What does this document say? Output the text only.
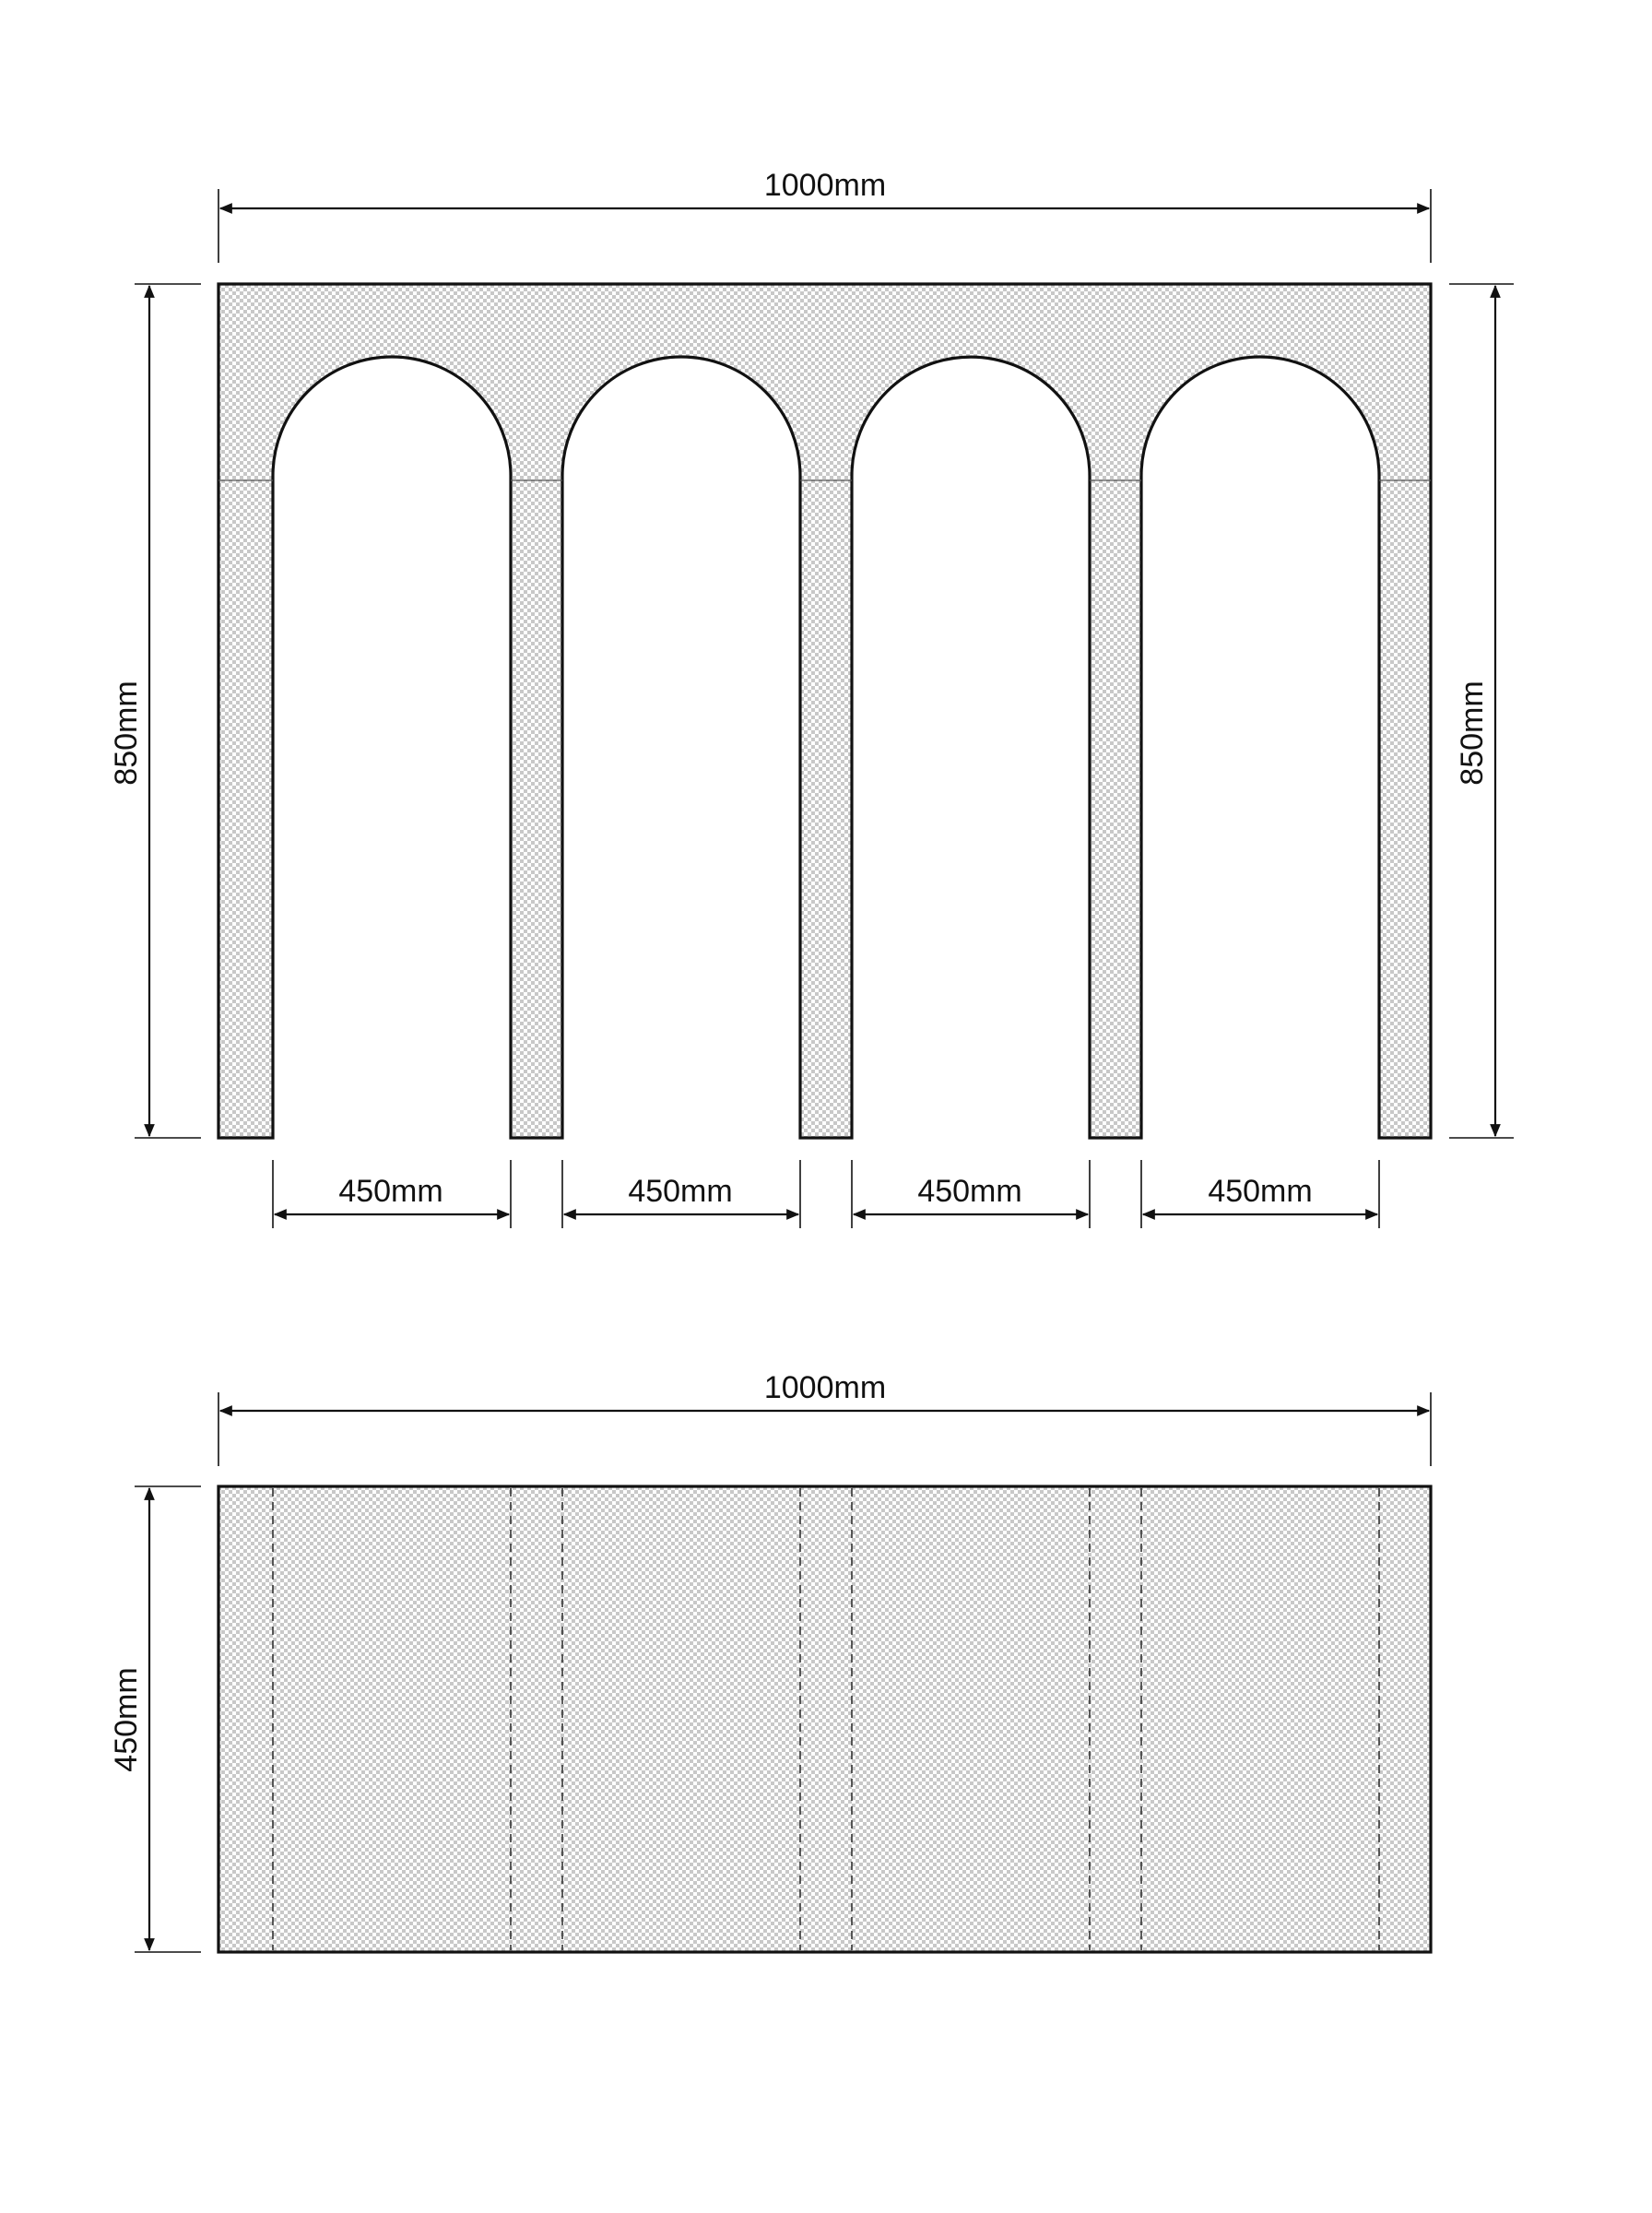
1000mm
850mm	850mm
450mm	450mm	450mm	450mm
1000mm
450mm
